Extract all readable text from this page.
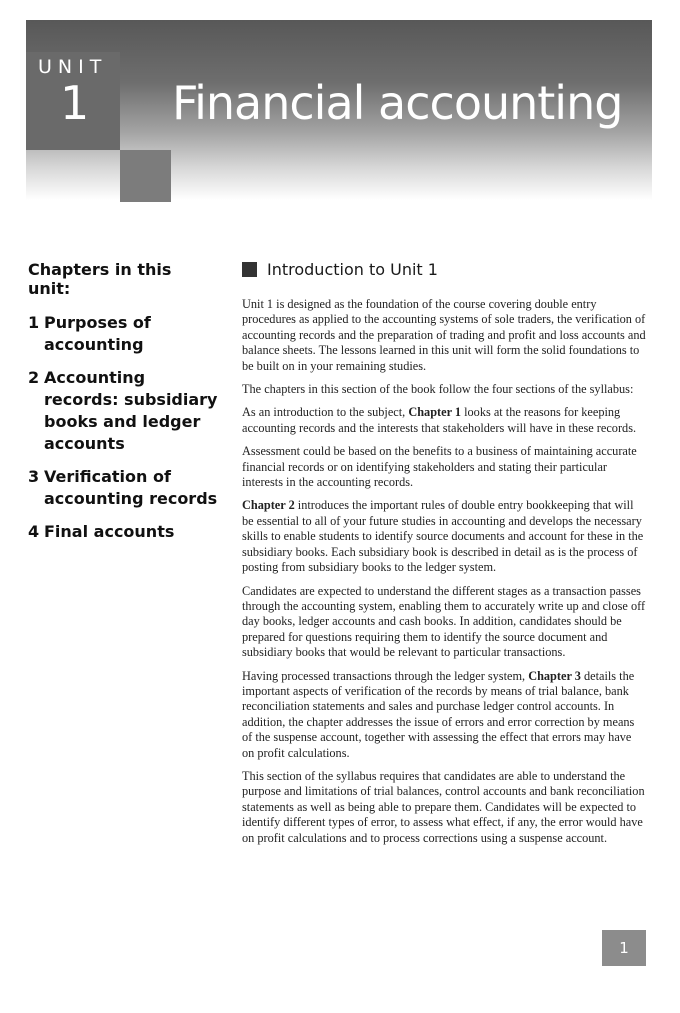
UNIT
1 Financial accounting
Chapters in this unit:
1 Purposes of accounting
2 Accounting records: subsidiary books and ledger accounts
3 Verification of accounting records
4 Final accounts
Introduction to Unit 1

Unit 1 is designed as the foundation of the course covering double entry procedures as applied to the accounting systems of sole traders, the verification of accounting records and the preparation of trading and profit and loss accounts and balance sheets. The lessons learned in this unit will form the solid foundations to be built on in your remaining studies.

The chapters in this section of the book follow the four sections of the syllabus:

As an introduction to the subject, Chapter 1 looks at the reasons for keeping accounting records and the interests that stakeholders will have in these records.

Assessment could be based on the benefits to a business of maintaining accurate financial records or on identifying stakeholders and stating their particular interests in the accounting records.

Chapter 2 introduces the important rules of double entry bookkeeping that will be essential to all of your future studies in accounting and develops the necessary skills to enable students to identify source documents and account for these in the subsidiary books. Each subsidiary book is described in detail as is the process of posting from subsidiary books to the ledger system.

Candidates are expected to understand the different stages as a transaction passes through the accounting system, enabling them to accurately write up and close off day books, ledger accounts and cash books. In addition, candidates should be prepared for questions requiring them to identify the source document and subsidiary books that would be relevant to particular transactions.

Having processed transactions through the ledger system, Chapter 3 details the important aspects of verification of the records by means of trial balance, bank reconciliation statements and sales and purchase ledger control accounts. In addition, the chapter addresses the issue of errors and error correction by means of the suspense account, together with assessing the effect that errors may have on profit calculations.

This section of the syllabus requires that candidates are able to understand the purpose and limitations of trial balances, control accounts and bank reconciliation statements as well as being able to prepare them. Candidates will be expected to identify different types of error, to assess what effect, if any, the error would have on profit calculations and to process corrections using a suspense account.

1
